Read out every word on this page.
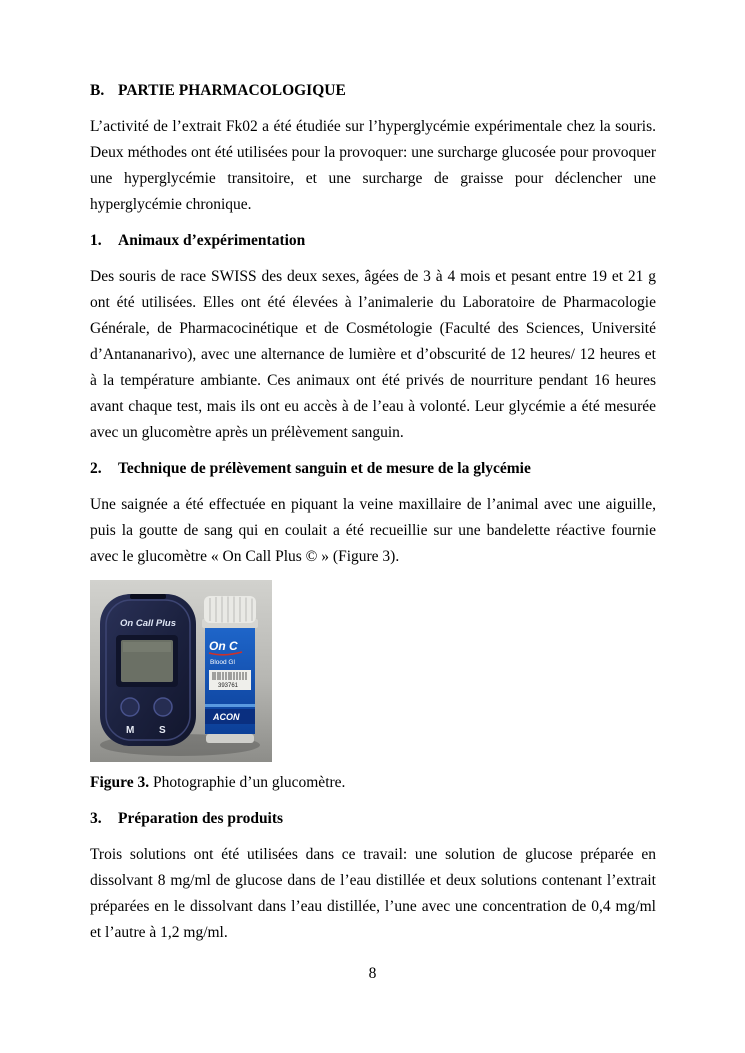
B. PARTIE PHARMACOLOGIQUE

L’activité de l’extrait Fk02 a été étudiée sur l’hyperglycémie expérimentale chez la souris. Deux méthodes ont été utilisées pour la provoquer: une surcharge glucosée pour provoquer une hyperglycémie transitoire, et une surcharge de graisse pour déclencher une hyperglycémie chronique.

1. Animaux d’expérimentation

Des souris de race SWISS des deux sexes, âgées de 3 à 4 mois et pesant entre 19 et 21 g ont été utilisées. Elles ont été élevées à l’animalerie du Laboratoire de Pharmacologie Générale, de Pharmacocinétique et de Cosmétologie (Faculté des Sciences, Université d’Antananarivo), avec une alternance de lumière et d’obscurité de 12 heures/ 12 heures et à la température ambiante. Ces animaux ont été privés de nourriture pendant 16 heures avant chaque test, mais ils ont eu accès à de l’eau à volonté. Leur glycémie a été mesurée avec un glucomètre après un prélèvement sanguin.

2. Technique de prélèvement sanguin et de mesure de la glycémie

Une saignée a été effectuée en piquant la veine maxillaire de l’animal avec une aiguille, puis la goutte de sang qui en coulait a été recueillie sur une bandelette réactive fournie avec le glucomètre « On Call Plus © » (Figure 3).

On Call Plus
M S
On C
Blood Gl
393761
ACON

Figure 3. Photographie d’un glucomètre.

3. Préparation des produits

Trois solutions ont été utilisées dans ce travail: une solution de glucose préparée en dissolvant 8 mg/ml de glucose dans de l’eau distillée et deux solutions contenant l’extrait préparées en le dissolvant dans l’eau distillée, l’une avec une concentration de 0,4 mg/ml et l’autre à 1,2 mg/ml.

8
